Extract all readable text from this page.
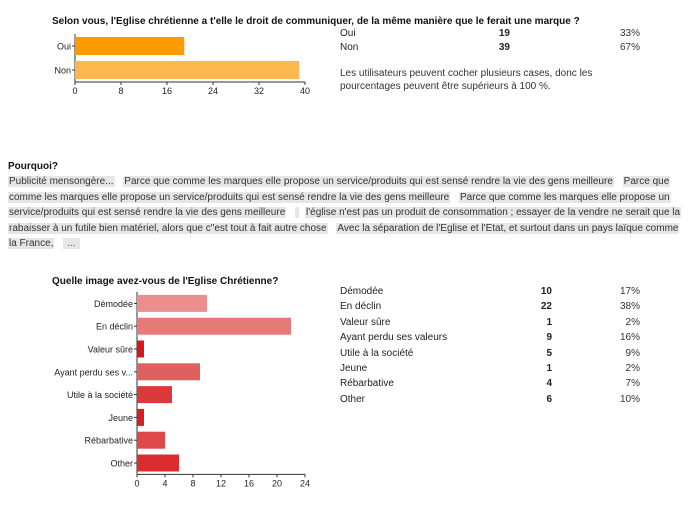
Selon vous, l'Eglise chrétienne a t'elle le droit de communiquer, de la même manière que le ferait une marque ?
Oui
Non
0	8	16	24	32	40
Oui	19	33%
Non	39	67%
Les utilisateurs peuvent cocher plusieurs cases, donc les pourcentages peuvent être supérieurs à 100 %.
Pourquoi?
Publicité mensongère... Parce que comme les marques elle propose un service/produits qui est sensé rendre la vie des gens meilleure Parce que comme les marques elle propose un service/produits qui est sensé rendre la vie des gens meilleure Parce que comme les marques elle propose un service/produits qui est sensé rendre la vie des gens meilleure l'église n'est pas un produit de consommation ; essayer de la vendre ne serait que la rabaisser à un futile bien matériel, alors que c"est tout à fait autre chose Avec la séparation de l'Eglise et l'Etat, et surtout dans un pays laïque comme la France, ...
Quelle image avez-vous de l'Eglise Chrétienne?
Démodée
En déclin
Valeur sûre
Ayant perdu ses v...
Utile à la société
Jeune
Rébarbative
Other
0	4	8 12 16 20 24
Démodée	10	17%
En déclin	22	38%
Valeur sûre	1	2%
Ayant perdu ses valeurs	9	16%
Utile à la société	5	9%
Jeune	1	2%
Rébarbative	4	7%
Other	6	10%
